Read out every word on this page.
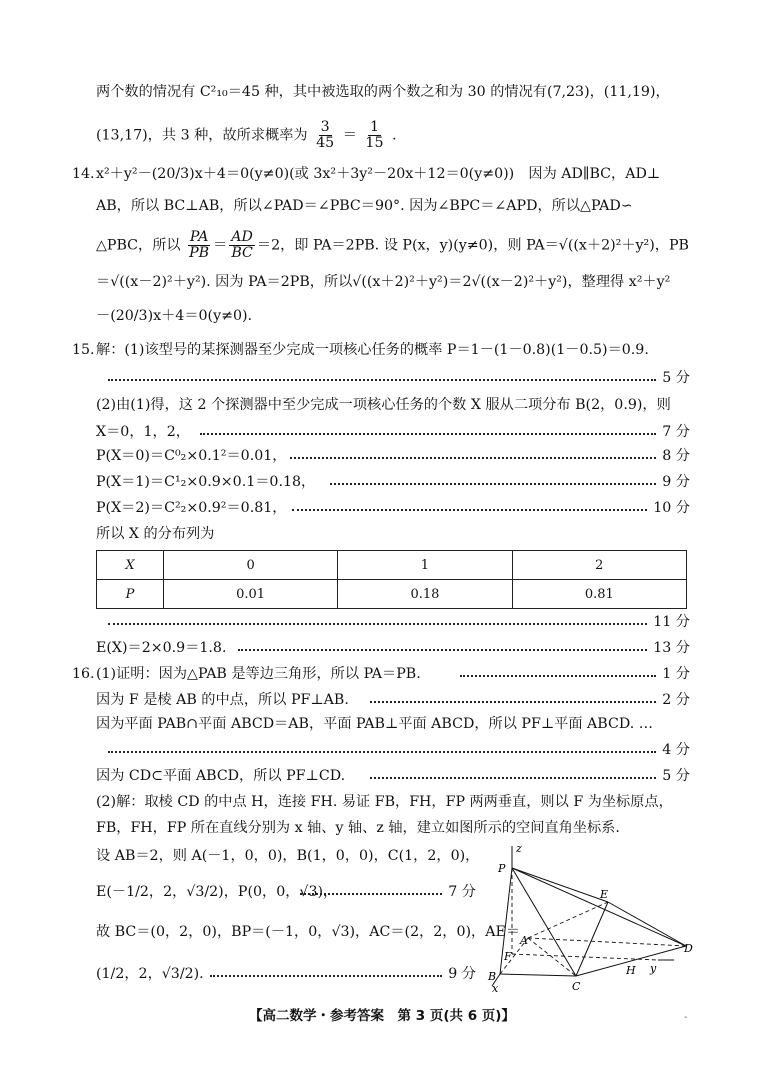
两个数的情况有 C²₁₀＝45 种，其中被选取的两个数之和为 30 的情况有(7,23)，(11,19)，
(13,17)，共 3 种，故所求概率为 $\frac{3}{45} = \frac{1}{15}$ .
14. x²＋y²－(20/3)x＋4＝0(y≠0)(或 3x²＋3y²－20x＋12＝0(y≠0))　因为 AD∥BC，AD⊥
AB，所以 BC⊥AB，所以∠PAD＝∠PBC＝90°. 因为∠BPC＝∠APD，所以△PAD∽
△PBC，所以 $\frac{PA}{PB} = \frac{AD}{BC} =2$，即 PA＝2PB. 设 P(x，y)(y≠0)，则 PA＝√((x＋2)²＋y²)，PB
＝√((x－2)²＋y²). 因为 PA＝2PB，所以√((x＋2)²＋y²)＝2√((x－2)²＋y²)，整理得 x²＋y²
－(20/3)x＋4＝0(y≠0).
15. 解：(1)该型号的某探测器至少完成一项核心任务的概率 P＝1－(1－0.8)(1－0.5)＝0.9.
5 分
(2)由(1)得，这 2 个探测器中至少完成一项核心任务的个数 X 服从二项分布 B(2，0.9)，则
X＝0，1，2，	7 分
P(X＝0)＝C⁰₂×0.1²＝0.01，	8 分
P(X＝1)＝C¹₂×0.9×0.1＝0.18，	9 分
P(X＝2)＝C²₂×0.9²＝0.81，	10 分
所以 X 的分布列为
X	0	1	2
P	0.01	0.18	0.81
11 分
E(X)＝2×0.9＝1.8.	13 分
16. (1)证明：因为△PAB 是等边三角形，所以 PA＝PB.	1 分
因为 F 是棱 AB 的中点，所以 PF⊥AB.	2 分
因为平面 PAB∩平面 ABCD＝AB，平面 PAB⊥平面 ABCD，所以 PF⊥平面 ABCD. …
4 分
因为 CD⊂平面 ABCD，所以 PF⊥CD.	5 分
(2)解：取棱 CD 的中点 H，连接 FH. 易证 FB，FH，FP 两两垂直，则以 F 为坐标原点，
FB，FH，FP 所在直线分别为 x 轴、y 轴、z 轴，建立如图所示的空间直角坐标系.
设 AB＝2，则 A(－1，0，0)，B(1，0，0)，C(1，2，0)，
E(－1/2，2，√3/2)，P(0，0，√3)，	7 分
故 BC＝(0，2，0)，BP＝(－1，0，√3)，AC＝(2，2，0)，AE＝
(1/2，2，√3/2).	9 分
z
P
E
A
F
B
x	C
H y
D
【高二数学・参考答案　第 3 页(共 6 页)】	-
